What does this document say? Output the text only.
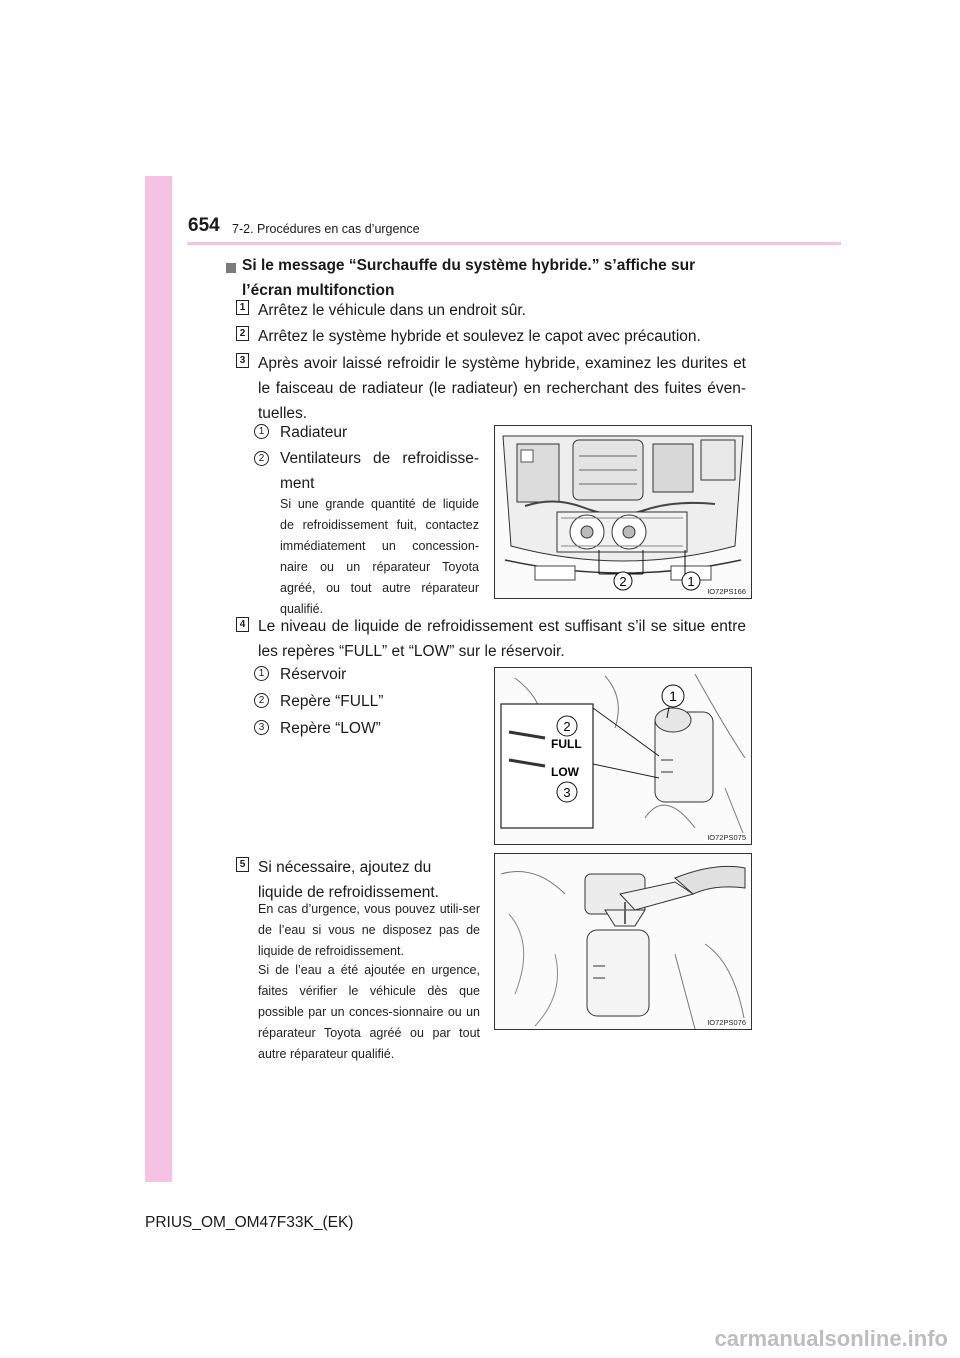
654 7-2. Procédures en cas d’urgence
Si le message “Surchauffe du système hybride.” s’affiche sur l’écran multifonction
1 Arrêtez le véhicule dans un endroit sûr.
2 Arrêtez le système hybride et soulevez le capot avec précaution.
3 Après avoir laissé refroidir le système hybride, examinez les durites et le faisceau de radiateur (le radiateur) en recherchant des fuites éven-tuelles.
1	Radiateur
2	Ventilateurs de refroidisse-ment
Si une grande quantité de liquide de refroidissement fuit, contactez immédiatement un concession-naire ou un réparateur Toyota agréé, ou tout autre réparateur qualifié.
2	1
IO72PS166
4 Le niveau de liquide de refroidissement est suffisant s’il se situe entre les repères “FULL” et “LOW” sur le réservoir.
1	Réservoir
2	Repère “FULL”
3	Repère “LOW”
1
FULL
LOW
2
3
IO72PS075
5 Si nécessaire, ajoutez du liquide de refroidissement.
En cas d’urgence, vous pouvez utili-ser de l’eau si vous ne disposez pas de liquide de refroidissement.
Si de l’eau a été ajoutée en urgence, faites vérifier le véhicule dès que possible par un conces-sionnaire ou un réparateur Toyota agréé ou par tout autre réparateur qualifié.
IO72PS076
PRIUS_OM_OM47F33K_(EK)
carmanualsonline.info
